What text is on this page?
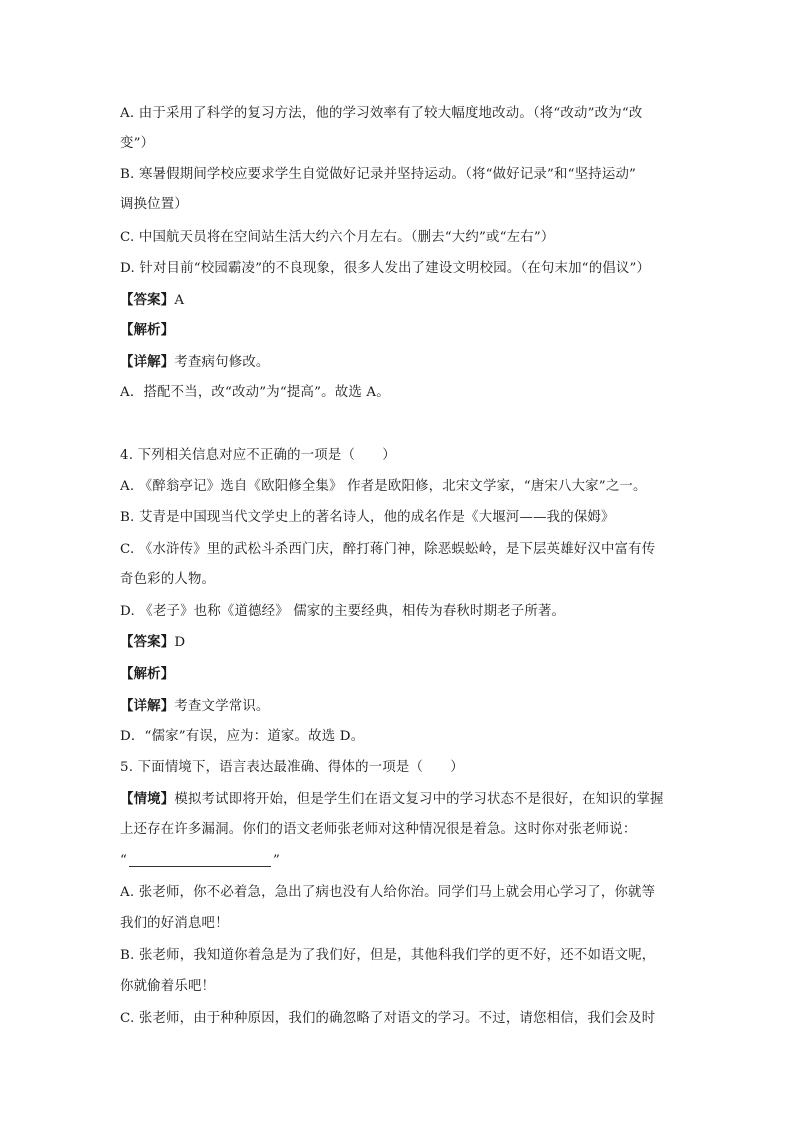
A. 由于采用了科学的复习方法，他的学习效率有了较大幅度地改动。（将“改动”改为“改
变”）
B. 寒暑假期间学校应要求学生自觉做好记录并坚持运动。（将“做好记录”和“坚持运动”
调换位置）
C. 中国航天员将在空间站生活大约六个月左右。（删去“大约”或“左右”）
D. 针对目前“校园霸凌”的不良现象，很多人发出了建设文明校园。（在句末加“的倡议”）
【答案】A
【解析】
【详解】考查病句修改。
A．搭配不当，改“改动”为“提高”。故选 A。
4. 下列相关信息对应不正确的一项是（　　）
A. 《醉翁亭记》选自《欧阳修全集》 作者是欧阳修，北宋文学家，“唐宋八大家”之一。
B. 艾青是中国现当代文学史上的著名诗人，他的成名作是《大堰河——我的保姆》
C. 《水浒传》里的武松斗杀西门庆，醉打蒋门神，除恶蜈蚣岭，是下层英雄好汉中富有传
奇色彩的人物。
D. 《老子》也称《道德经》 儒家的主要经典，相传为春秋时期老子所著。
【答案】D
【解析】
【详解】考查文学常识。
D．“儒家”有误，应为：道家。故选 D。
5. 下面情境下，语言表达最准确、得体的一项是（　　）
【情境】模拟考试即将开始，但是学生们在语文复习中的学习状态不是很好，在知识的掌握
上还存在许多漏洞。你们的语文老师张老师对这种情况很是着急。这时你对张老师说：
“	”
A. 张老师，你不必着急，急出了病也没有人给你治。同学们马上就会用心学习了，你就等
我们的好消息吧！
B. 张老师，我知道你着急是为了我们好，但是，其他科我们学的更不好，还不如语文呢，
你就偷着乐吧！
C. 张老师，由于种种原因，我们的确忽略了对语文的学习。不过，请您相信，我们会及时
